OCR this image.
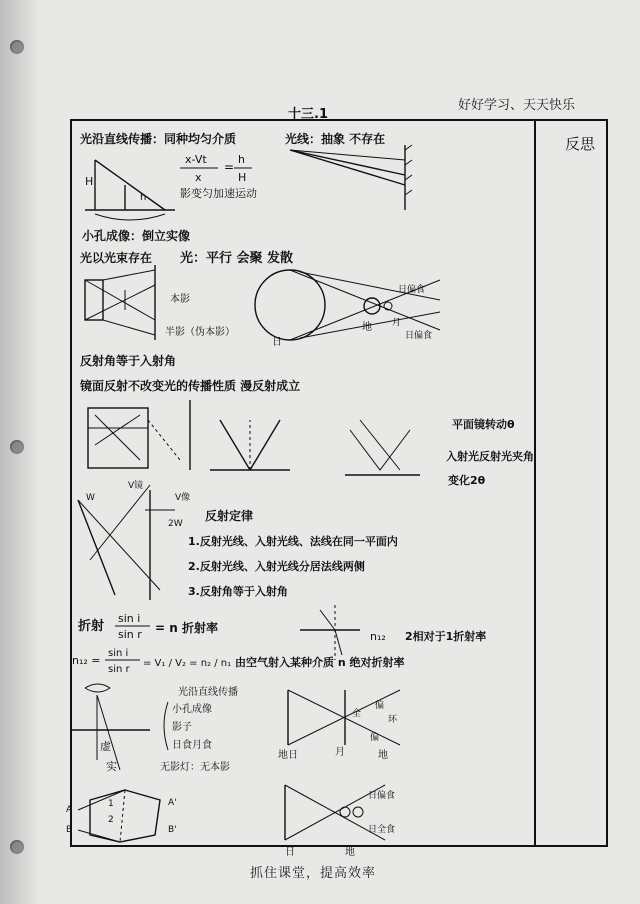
好好学习、天天快乐
反思
十三.1
光沿直线传播：同种均匀介质	光线：抽象 不存在
x-Vt
x
=
h
H
影变匀加速运动
H
h
小孔成像：倒立实像
光以光束存在 光：平行 会聚 发散
本影
半影（伪本影）
日
地 月
日偏食
日偏食
反射角等于入射角
镜面反射不改变光的传播性质 漫反射成立
平面镜转动θ
入射光反射光夹角
变化2θ
W
V镜
V像
2W
反射定律
1.反射光线、入射光线、法线在同一平面内
2.反射光线、入射光线分居法线两侧
3.反射角等于入射角
折射
sin i
sin r = n 折射率
n₁₂ 2相对于1折射率
n₁₂ =
sin i
sin r
= V₁ / V₂ = n₂ / n₁ 由空气射入某种介质 n 绝对折射率
虚
实
光沿直线传播
小孔成像
影子
日食月食
无影灯：无本影
全
偏
环
偏
地日	月	地
A
B
A'
B'
1
2
日偏食
日全食
日	地
抓住课堂，提高效率
